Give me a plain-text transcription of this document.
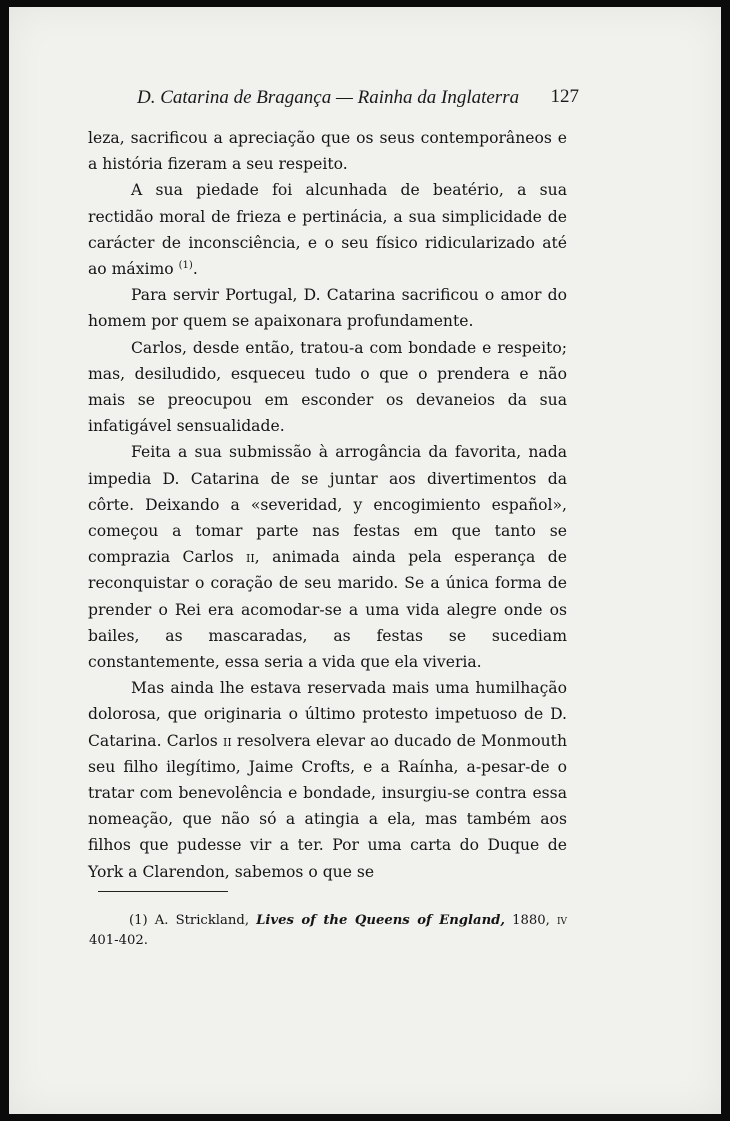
D. Catarina de Bragança — Rainha da Inglaterra 127

leza, sacrificou a apreciação que os seus contemporâneos e a história fizeram a seu respeito.

A sua piedade foi alcunhada de beatério, a sua rectidão moral de frieza e pertinácia, a sua simplicidade de carácter de inconsciência, e o seu físico ridicularizado até ao máximo $^{(1)}$.

Para servir Portugal, D. Catarina sacrificou o amor do homem por quem se apaixonara profundamente.

Carlos, desde então, tratou-a com bondade e respeito; mas, desiludido, esqueceu tudo o que o prendera e não mais se preocupou em esconder os devaneios da sua infatigável sensualidade.

Feita a sua submissão à arrogância da favorita, nada impedia D. Catarina de se juntar aos divertimentos da côrte. Deixando a «severidad, y encogimiento español», começou a tomar parte nas festas em que tanto se comprazia Carlos ii, animada ainda pela esperança de reconquistar o coração de seu marido. Se a única forma de prender o Rei era acomodar-se a uma vida alegre onde os bailes, as mascaradas, as festas se sucediam constantemente, essa seria a vida que ela viveria.

Mas ainda lhe estava reservada mais uma humilhação dolorosa, que originaria o último protesto impetuoso de D. Catarina. Carlos ii resolvera elevar ao ducado de Monmouth seu filho ilegítimo, Jaime Crofts, e a Raínha, a-pesar-de o tratar com benevolência e bondade, insurgiu-se contra essa nomeação, que não só a atingia a ela, mas também aos filhos que pudesse vir a ter. Por uma carta do Duque de York a Clarendon, sabemos o que se

(1) A. Strickland, Lives of the Queens of England, 1880, iv 401-402.
